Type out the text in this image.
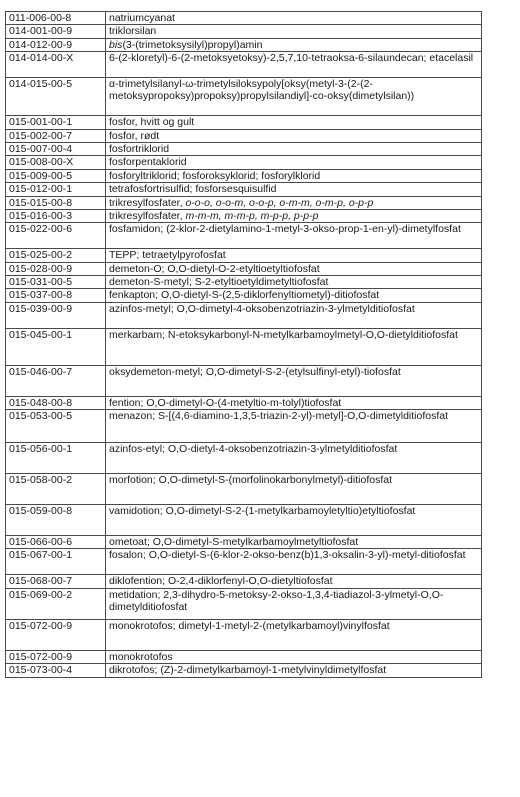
011-006-00-8	natriumcyanat
014-001-00-9	triklorsilan
014-012-00-9	bis(3-(trimetoksysilyl)propyl)amin
014-014-00-X	6-(2-kloretyl)-6-(2-metoksyetoksy)-2,5,7,10-tetraoksa-6-silaundecan; etacelasil
014-015-00-5	α-trimetylsilanyl-ω-trimetylsiloksypoly[oksy(metyl-3-(2-(2-metoksypropoksy)propoksy)propylsilandiyl]-co-oksy(dimetylsilan))
015-001-00-1	fosfor, hvitt og gult
015-002-00-7	fosfor, rødt
015-007-00-4	fosfortriklorid
015-008-00-X	fosforpentaklorid
015-009-00-5	fosforyltriklorid; fosforoksyklorid; fosforylklorid
015-012-00-1	tetrafosfortrisulfid; fosforsesquisulfid
015-015-00-8	trikresylfosfater, o-o-o, o-o-m, o-o-p, o-m-m, o-m-p, o-p-p
015-016-00-3	trikresylfosfater, m-m-m, m-m-p, m-p-p, p-p-p
015-022-00-6	fosfamidon; (2-klor-2-dietylamino-1-metyl-3-okso-prop-1-en-yl)-dimetylfosfat
015-025-00-2	TEPP; tetraetylpyrofosfat
015-028-00-9	demeton-O; O,O-dietyl-O-2-etyltioetyltiofosfat
015-031-00-5	demeton-S-metyl; S-2-etyltioetyldimetyltiofosfat
015-037-00-8	fenkapton; O,O-dietyl-S-(2,5-diklorfenyltiometyl)-ditiofosfat
015-039-00-9	azinfos-metyl; O,O-dimetyl-4-oksobenzotriazin-3-ylmetylditiofosfat
015-045-00-1	merkarbam; N-etoksykarbonyl-N-metylkarbamoylmetyl-O,O-dietylditiofosfat
015-046-00-7	oksydemeton-metyl; O,O-dimetyl-S-2-(etylsulfinyl-etyl)-tiofosfat
015-048-00-8	fention; O,O-dimetyl-O-(4-metyltio-m-tolyl)tiofosfat
015-053-00-5	menazon; S-[(4,6-diamino-1,3,5-triazin-2-yl)-metyl]-O,O-dimetylditiofosfat
015-056-00-1	azinfos-etyl; O,O-dietyl-4-oksobenzotriazin-3-ylmetylditiofosfat
015-058-00-2	morfotion; O,O-dimetyl-S-(morfolinokarbonylmetyl)-ditiofosfat
015-059-00-8	vamidotion; O,O-dimetyl-S-2-(1-metylkarbamoyletyltio)etyltiofosfat
015-066-00-6	ometoat; O,O-dimetyl-S-metylkarbamoylmetyltiofosfat
015-067-00-1	fosalon; O,O-dietyl-S-(6-klor-2-okso-benz(b)1,3-oksalin-3-yl)-metyl-ditiofosfat
015-068-00-7	diklofention; O-2,4-diklorfenyl-O,O-dietyltiofosfat
015-069-00-2	metidation; 2,3-dihydro-5-metoksy-2-okso-1,3,4-tiadiazol-3-ylmetyl-O,O-dimetylditiofosfat
015-072-00-9	monokrotofos; dimetyl-1-metyl-2-(metylkarbamoyl)vinylfosfat
015-072-00-9	monokrotofos
015-073-00-4	dikrotofos; (Z)-2-dimetylkarbamoyl-1-metylvinyldimetylfosfat
